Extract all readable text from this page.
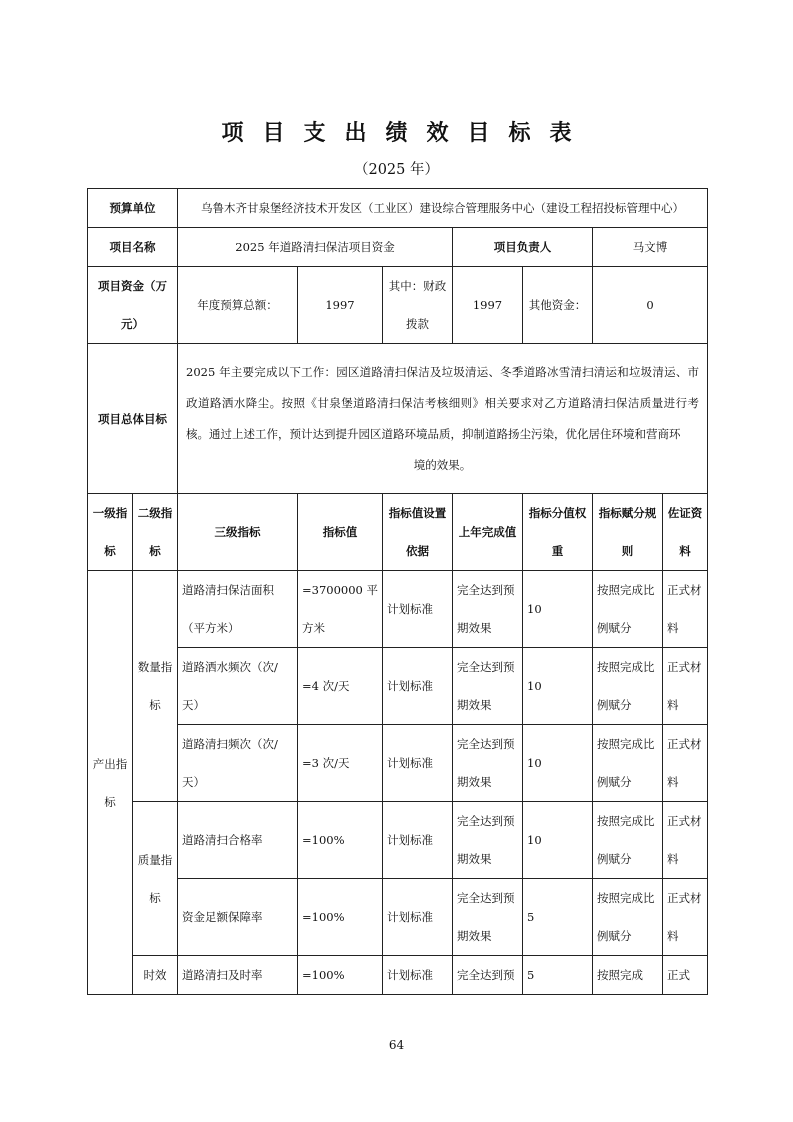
项目支出绩效目标表
（2025 年）
预算单位		乌鲁木齐甘泉堡经济技术开发区（工业区）建设综合管理服务中心（建设工程招投标管理中心）						
项目名称		2025 年道路清扫保洁项目资金			项目负责人		马文博	
项目资金（万元）		年度预算总额：	1997	其中：财政拨款	1997	其他资金：	0	
项目总体目标		2025 年主要完成以下工作：园区道路清扫保洁及垃圾清运、冬季道路冰雪清扫清运和垃圾清运、市政道路洒水降尘。按照《甘泉堡道路清扫保洁考核细则》相关要求对乙方道路清扫保洁质量进行考核。通过上述工作，预计达到提升园区道路环境品质，抑制道路扬尘污染，优化居住环境和营商环
境的效果。						

一级指标	二级指标	三级指标	指标值	指标值设置依据	上年完成值	指标分值权重	指标赋分规则	佐证资料
产出指标	数量指标	道路清扫保洁面积（平方米）	=3700000 平方米	计划标准	完全达到预期效果	10	按照完成比例赋分	正式材料
		道路洒水频次（次/天）	=4 次/天	计划标准	完全达到预期效果	10	按照完成比例赋分	正式材料
		道路清扫频次（次/天）	=3 次/天	计划标准	完全达到预期效果	10	按照完成比例赋分	正式材料
	质量指标	道路清扫合格率	=100%	计划标准	完全达到预期效果	10	按照完成比例赋分	正式材料
		资金足额保障率	=100%	计划标准	完全达到预期效果	5	按照完成比例赋分	正式材料
	时效	道路清扫及时率	=100%	计划标准	完全达到预	5	按照完成	正式
64
